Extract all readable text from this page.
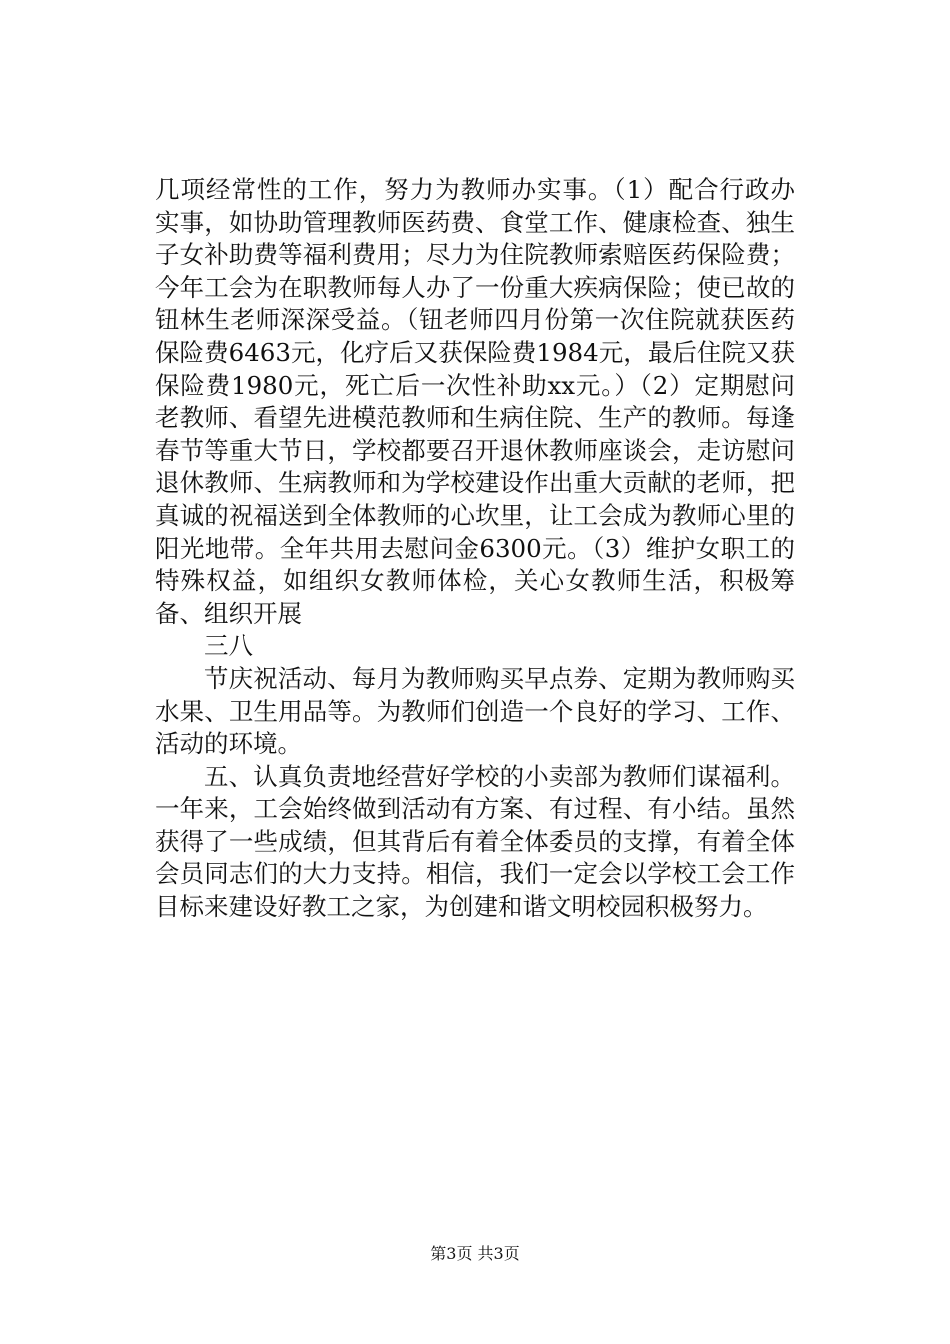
几项经常性的工作，努力为教师办实事。（1）配合行政办实事，如协助管理教师医药费、食堂工作、健康检查、独生子女补助费等福利费用；尽力为住院教师索赔医药保险费；今年工会为在职教师每人办了一份重大疾病保险；使已故的钮林生老师深深受益。（钮老师四月份第一次住院就获医药保险费6463元，化疗后又获保险费1984元，最后住院又获保险费1980元，死亡后一次性补助xx元。）（2）定期慰问老教师、看望先进模范教师和生病住院、生产的教师。每逢春节等重大节日，学校都要召开退休教师座谈会，走访慰问退休教师、生病教师和为学校建设作出重大贡献的老师，把真诚的祝福送到全体教师的心坎里，让工会成为教师心里的阳光地带。全年共用去慰问金6300元。（3）维护女职工的特殊权益，如组织女教师体检，关心女教师生活，积极筹备、组织开展

三八

节庆祝活动、每月为教师购买早点券、定期为教师购买水果、卫生用品等。为教师们创造一个良好的学习、工作、活动的环境。

五、认真负责地经营好学校的小卖部为教师们谋福利。一年来，工会始终做到活动有方案、有过程、有小结。虽然获得了一些成绩，但其背后有着全体委员的支撑，有着全体会员同志们的大力支持。相信，我们一定会以学校工会工作目标来建设好教工之家，为创建和谐文明校园积极努力。

第3页 共3页
